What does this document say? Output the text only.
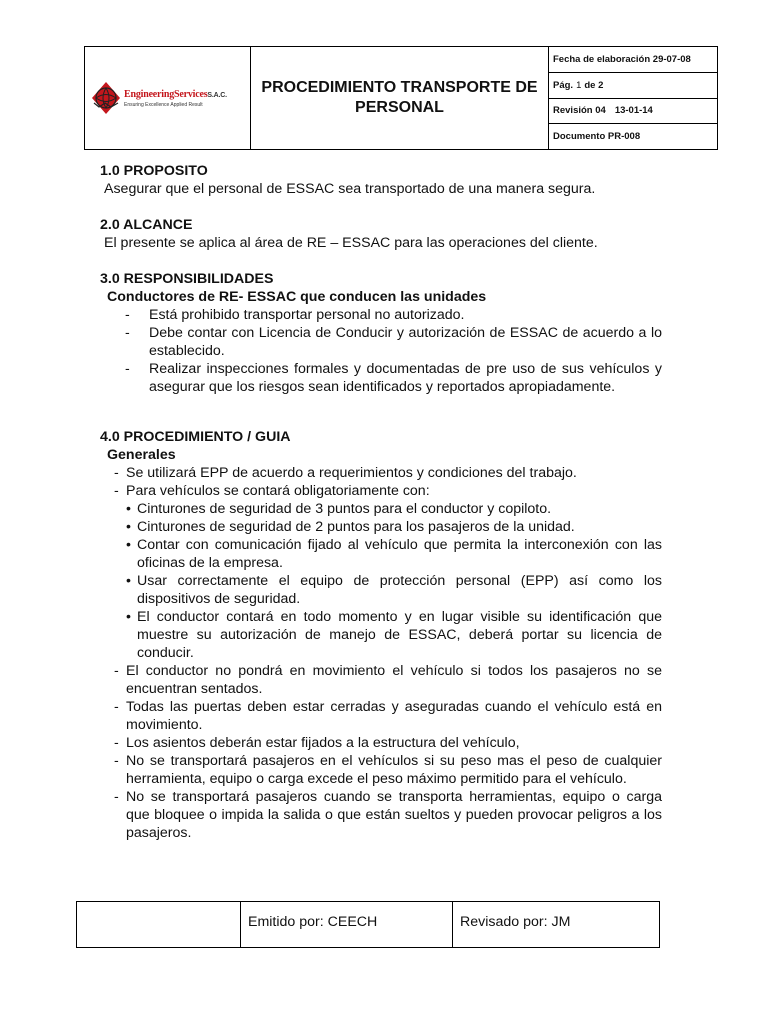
EngineeringServicesS.A.C.
Ensuring Excellence Applied Result
PROCEDIMIENTO TRANSPORTE DE PERSONAL
Fecha de elaboración 29-07-08
Pág. 1 de 2
Revisión 04 13-01-14
Documento PR-008

1.0 PROPOSITO

Asegurar que el personal de ESSAC sea transportado de una manera segura.

2.0 ALCANCE

El presente se aplica al área de RE – ESSAC para las operaciones del cliente.

3.0 RESPONSIBILIDADES

Conductores de RE- ESSAC que conducen las unidades

-	Está prohibido transportar personal no autorizado.
-	Debe contar con Licencia de Conducir y autorización de ESSAC de acuerdo a lo establecido.
-	Realizar inspecciones formales y documentadas de pre uso de sus vehículos y asegurar que los riesgos sean identificados y reportados apropiadamente.

4.0 PROCEDIMIENTO / GUIA

Generales

- Se utilizará EPP de acuerdo a requerimientos y condiciones del trabajo.
- Para vehículos se contará obligatoriamente con:
• Cinturones de seguridad de 3 puntos para el conductor y copiloto.
• Cinturones de seguridad de 2 puntos para los pasajeros de la unidad.
• Contar con comunicación fijado al vehículo que permita la interconexión con las oficinas de la empresa.
• Usar correctamente el equipo de protección personal (EPP) así como los dispositivos de seguridad.
• El conductor contará en todo momento y en lugar visible su identificación que muestre su autorización de manejo de ESSAC, deberá portar su licencia de conducir.
- El conductor no pondrá en movimiento el vehículo si todos los pasajeros no se encuentran sentados.
- Todas las puertas deben estar cerradas y aseguradas cuando el vehículo está en movimiento.
- Los asientos deberán estar fijados a la estructura del vehículo,
- No se transportará pasajeros en el vehículos si su peso mas el peso de cualquier herramienta, equipo o carga excede el peso máximo permitido para el vehículo.
- No se transportará pasajeros cuando se transporta herramientas, equipo o carga que bloquee o impida la salida o que están sueltos y pueden provocar peligros a los pasajeros.
Emitido por: CEECH	Revisado por: JM
